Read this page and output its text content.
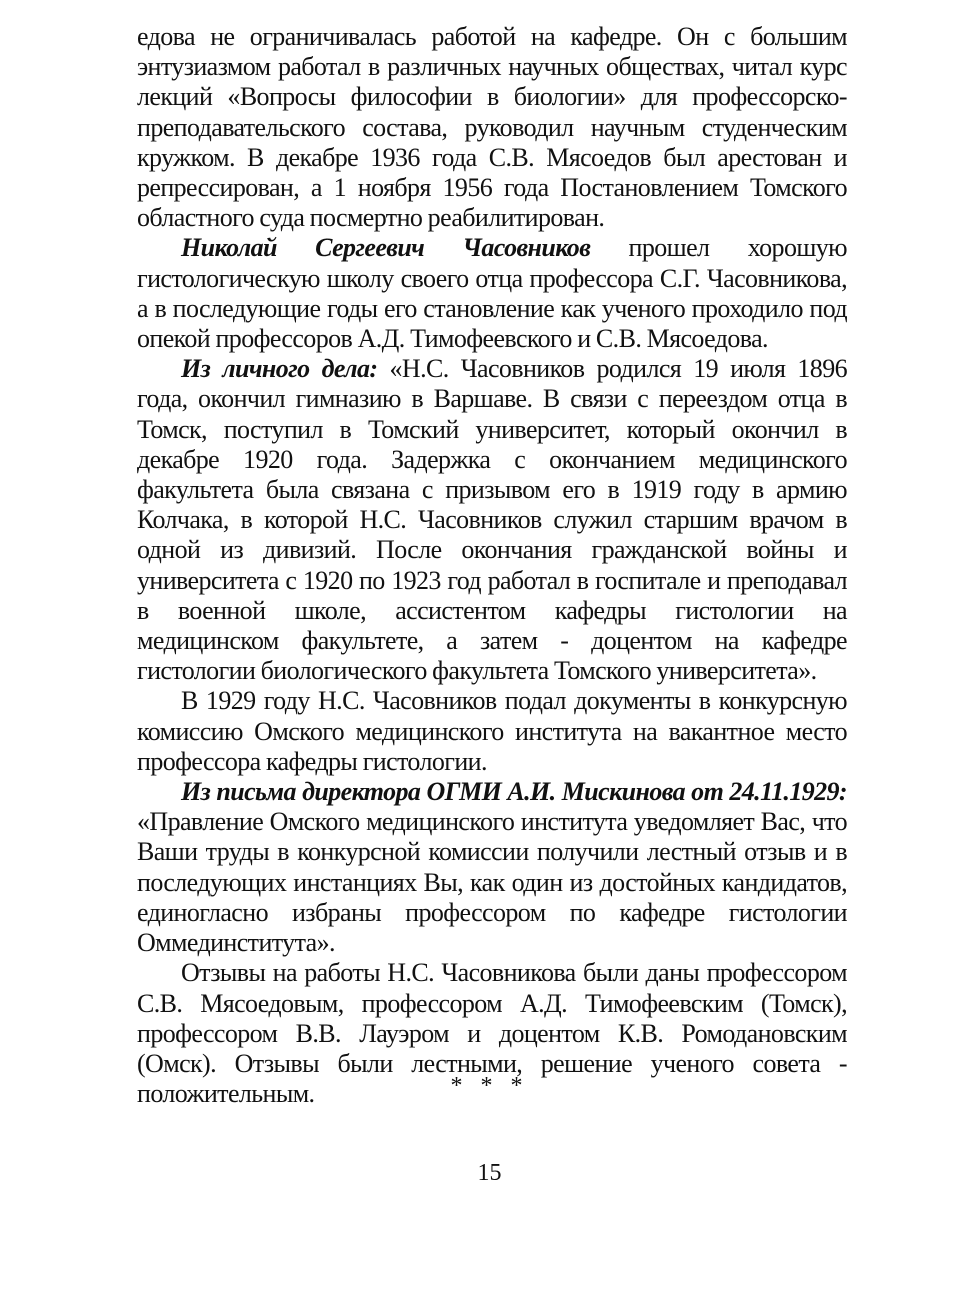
едова не ограничивалась работой на кафедре. Он с большим энтузиазмом работал в различных научных обществах, читал курс лекций «Вопросы философии в биологии» для профессорско-преподавательского состава, руководил научным студенческим кружком. В декабре 1936 года С.В. Мясоедов был арестован и репрессирован, а 1 ноября 1956 года Постановлением Томского областного суда посмертно реабилитирован.

Николай Сергеевич Часовников прошел хорошую гистологическую школу своего отца профессора С.Г. Часовникова, а в последующие годы его становление как ученого проходило под опекой профессоров А.Д. Тимофеевского и С.В. Мясоедова.

Из личного дела: «Н.С. Часовников родился 19 июля 1896 года, окончил гимназию в Варшаве. В связи с переездом отца в Томск, поступил в Томский университет, который окончил в декабре 1920 года. Задержка с окончанием медицинского факультета была связана с призывом его в 1919 году в армию Колчака, в которой Н.С. Часовников служил старшим врачом в одной из дивизий. После окончания гражданской войны и университета с 1920 по 1923 год работал в госпитале и преподавал в военной школе, ассистентом кафедры гистологии на медицинском факультете, а затем - доцентом на кафедре гистологии биологического факультета Томского университета».

В 1929 году Н.С. Часовников подал документы в конкурсную комиссию Омского медицинского института на вакантное место профессора кафедры гистологии.

Из письма директора ОГМИ А.И. Мискинова от 24.11.1929: «Правление Омского медицинского института уведомляет Вас, что Ваши труды в конкурсной комиссии получили лестный отзыв и в последующих инстанциях Вы, как один из достойных кандидатов, единогласно избраны профессором по кафедре гистологии Оммединститута».

Отзывы на работы Н.С. Часовникова были даны профессором С.В. Мясоедовым, профессором А.Д. Тимофеевским (Томск), профессором В.В. Лауэром и доцентом К.В. Ромодановским (Омск). Отзывы были лестными, решение ученого совета - положительным.	* * *
15
